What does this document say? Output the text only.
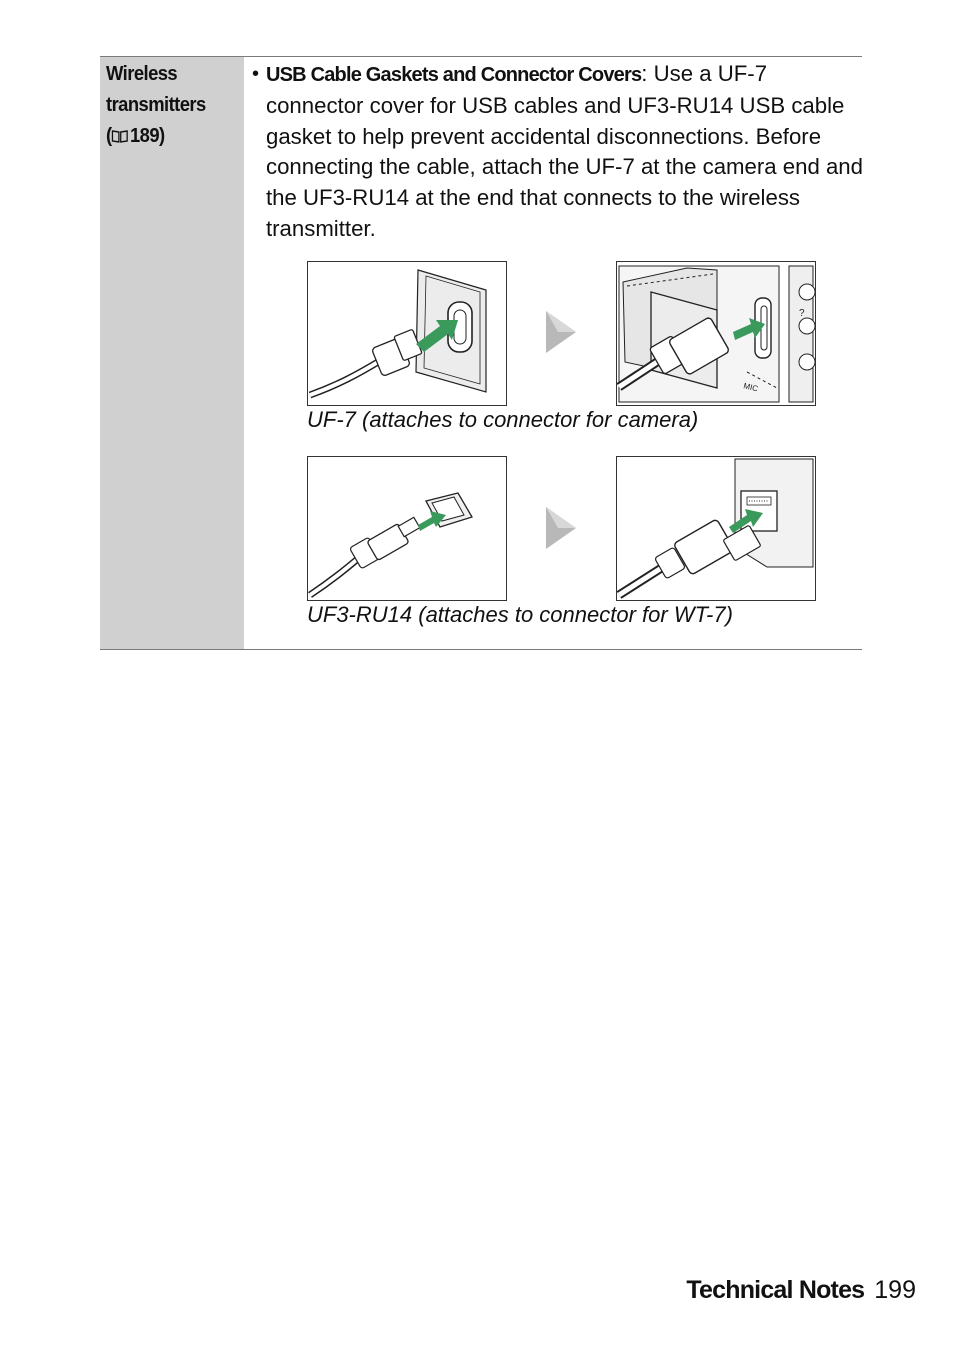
Wireless
transmitters
( 189)
• USB Cable Gaskets and Connector Covers: Use a UF-7 connector cover for USB cables and UF3-RU14 USB cable gasket to help prevent accidental disconnections. Before connecting the cable, attach the UF-7 at the camera end and the UF3-RU14 at the end that connects to the wireless transmitter.
?
MIC
UF-7 (attaches to connector for camera)
UF3-RU14 (attaches to connector for WT-7)
Technical Notes 199
